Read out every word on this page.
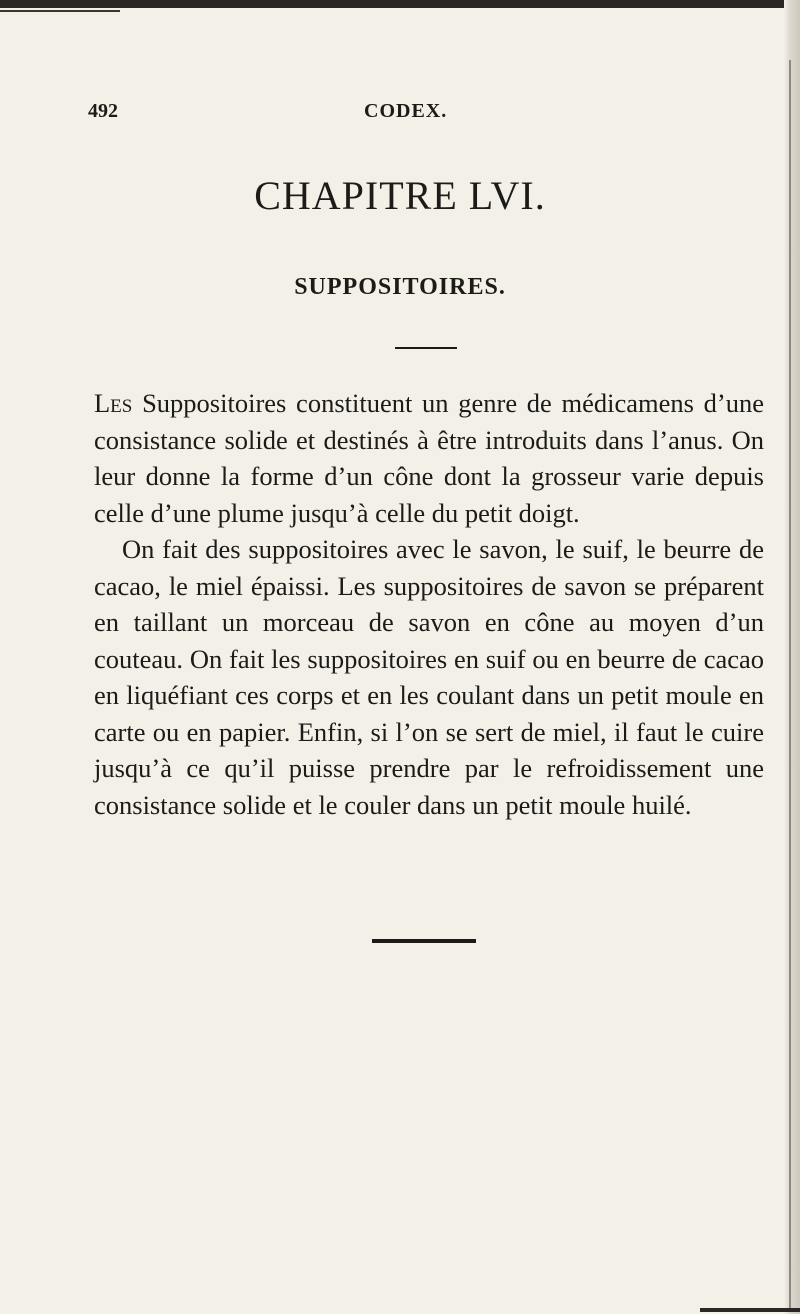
492	CODEX.
CHAPITRE LVI.
SUPPOSITOIRES.

Les Suppositoires constituent un genre de médicamens d’une consistance solide et destinés à être introduits dans l’anus. On leur donne la forme d’un cône dont la grosseur varie depuis celle d’une plume jusqu’à celle du petit doigt.

On fait des suppositoires avec le savon, le suif, le beurre de cacao, le miel épaissi. Les suppositoires de savon se préparent en taillant un morceau de savon en cône au moyen d’un couteau. On fait les suppositoires en suif ou en beurre de cacao en liquéfiant ces corps et en les coulant dans un petit moule en carte ou en papier. Enfin, si l’on se sert de miel, il faut le cuire jusqu’à ce qu’il puisse prendre par le refroidissement une consistance solide et le couler dans un petit moule huilé.
